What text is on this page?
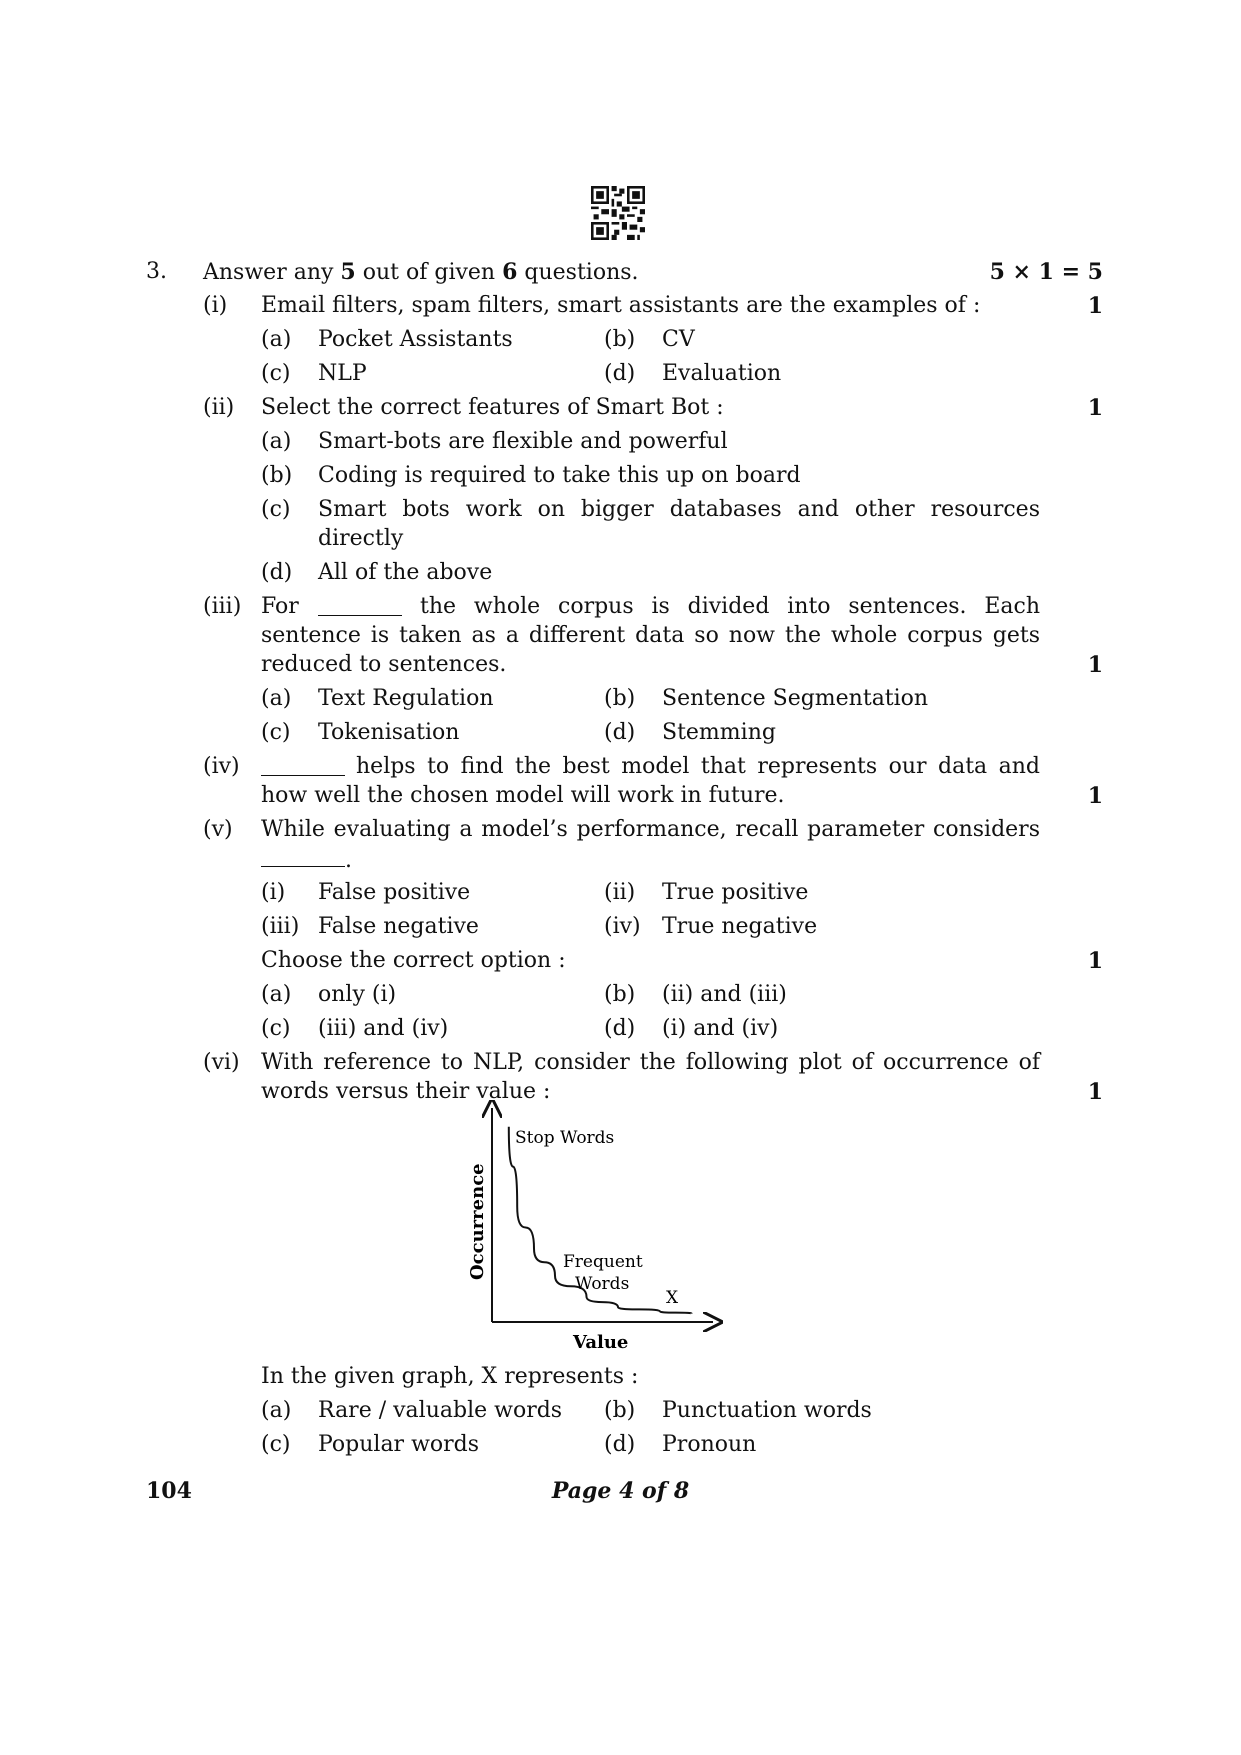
3. Answer any 5 out of given 6 questions.	5 × 1 = 5
(i) Email filters, spam filters, smart assistants are the examples of :	1
(a) Pocket Assistants	(b) CV
(c) NLP	(d) Evaluation
(ii) Select the correct features of Smart Bot :	1
(a) Smart-bots are flexible and powerful
(b) Coding is required to take this up on board
(c) Smart bots work on bigger databases and other resources
directly
(d) All of the above
(iii) For	the whole corpus is divided into sentences. Each
sentence is taken as a different data so now the whole corpus gets
reduced to sentences.	1
(a) Text Regulation	(b) Sentence Segmentation
(c) Tokenisation	(d) Stemming
(iv)	helps to find the best model that represents our data and
how well the chosen model will work in future.	1
(v) While evaluating a model’s performance, recall parameter considers
.
(i) False positive	(ii) True positive
(iii) False negative	(iv) True negative
Choose the correct option :	1
(a) only (i)	(b) (ii) and (iii)
(c) (iii) and (iv)	(d) (i) and (iv)
(vi) With reference to NLP, consider the following plot of occurrence of
words versus their value :	1
Stop Words
Frequent
Words
X
Occurrence
Value
In the given graph, X represents :
(a) Rare / valuable words (b) Punctuation words
(c) Popular words	(d) Pronoun
104	Page 4 of 8
